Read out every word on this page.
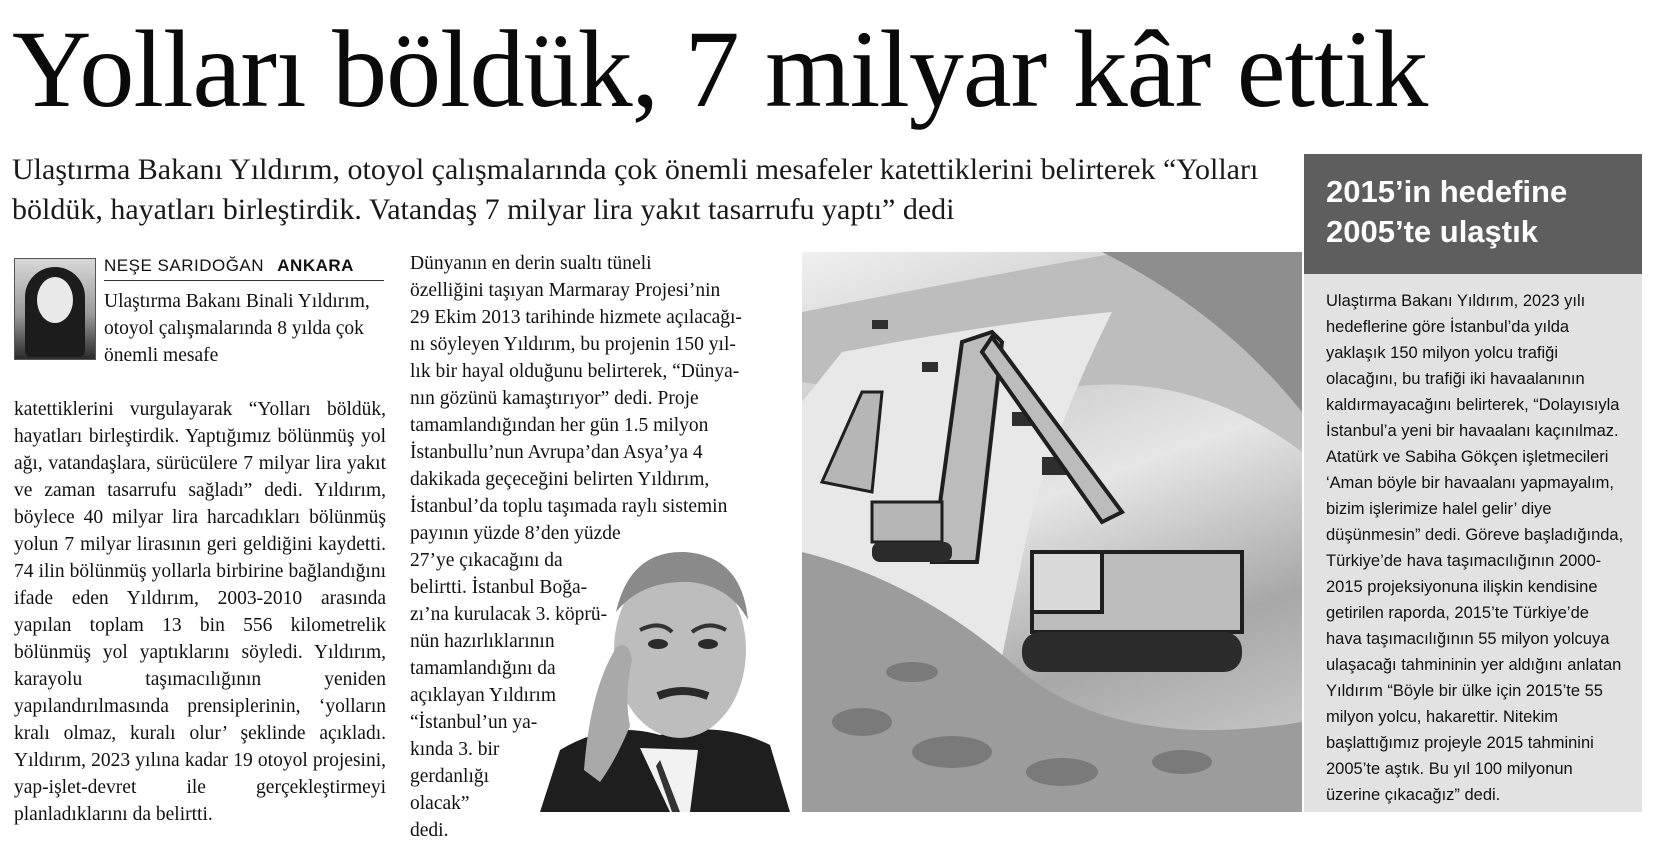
Yolları böldük, 7 milyar kâr ettik
Ulaştırma Bakanı Yıldırım, otoyol çalışmalarında çok önemli mesafeler katettiklerini belirterek “Yolları böldük, hayatları birleştirdik. Vatandaş 7 milyar lira yakıt tasarrufu yaptı” dedi
NEŞE SARIDOĞAN ANKARA
Ulaştırma Bakanı Binali Yıldırım, otoyol çalışmalarında 8 yılda çok önemli mesafe
katettiklerini vurgulayarak “Yolları böldük, hayatları birleştirdik. Yaptığımız bölünmüş yol ağı, vatandaşlara, sürücülere 7 milyar lira yakıt ve zaman tasarrufu sağladı” dedi. Yıldırım, böylece 40 milyar lira harcadıkları bölünmüş yolun 7 milyar lirasının geri geldiğini kaydetti. 74 ilin bölünmüş yollarla birbirine bağlandığını ifade eden Yıldırım, 2003-2010 arasında yapılan toplam 13 bin 556 kilometrelik bölünmüş yol yaptıklarını söyledi. Yıldırım, karayolu taşımacılığının yeniden yapılandırılmasında prensiplerinin, ‘yolların kralı olmaz, kuralı olur’ şeklinde açıkladı. Yıldırım, 2023 yılına kadar 19 otoyol projesini, yap-işlet-devret ile gerçekleştirmeyi planladıklarını da belirtti.
Dünyanın en derin sualtı tüneli
özelliğini taşıyan Marmaray Projesi’nin
29 Ekim 2013 tarihinde hizmete açılacağı-
nı söyleyen Yıldırım, bu projenin 150 yıl-
lık bir hayal olduğunu belirterek, “Dünya-
nın gözünü kamaştırıyor” dedi. Proje
tamamlandığından her gün 1.5 milyon
İstanbullu’nun Avrupa’dan Asya’ya 4
dakikada geçeceğini belirten Yıldırım,
İstanbul’da toplu taşımada raylı sistemin
payının yüzde 8’den yüzde
27’ye çıkacağını da
belirtti. İstanbul Boğa-
zı’na kurulacak 3. köprü-
nün hazırlıklarının
tamamlandığını da
açıklayan Yıldırım
“İstanbul’un ya-
kında 3. bir
gerdanlığı
olacak”
dedi.
2015’in hedefine 2005’te ulaştık
Ulaştırma Bakanı Yıldırım, 2023 yılı hedeflerine göre İstanbul’da yılda yaklaşık 150 milyon yolcu trafiği olacağını, bu trafiği iki havaalanının kaldırmayacağını belirterek, “Dolayısıyla İstanbul’a yeni bir havaalanı kaçınılmaz. Atatürk ve Sabiha Gökçen işletmecileri ‘Aman böyle bir havaalanı yapmayalım, bizim işlerimize halel gelir’ diye düşünmesin” dedi. Göreve başladığında, Türkiye’de hava taşımacılığının 2000-2015 projeksiyonuna ilişkin kendisine getirilen raporda, 2015’te Türkiye’de hava taşımacılığının 55 milyon yolcuya ulaşacağı tahmininin yer aldığını anlatan Yıldırım “Böyle bir ülke için 2015’te 55 milyon yolcu, hakarettir. Nitekim başlattığımız projeyle 2015 tahminini 2005’te aştık. Bu yıl 100 milyonun üzerine çıkacağız” dedi.
